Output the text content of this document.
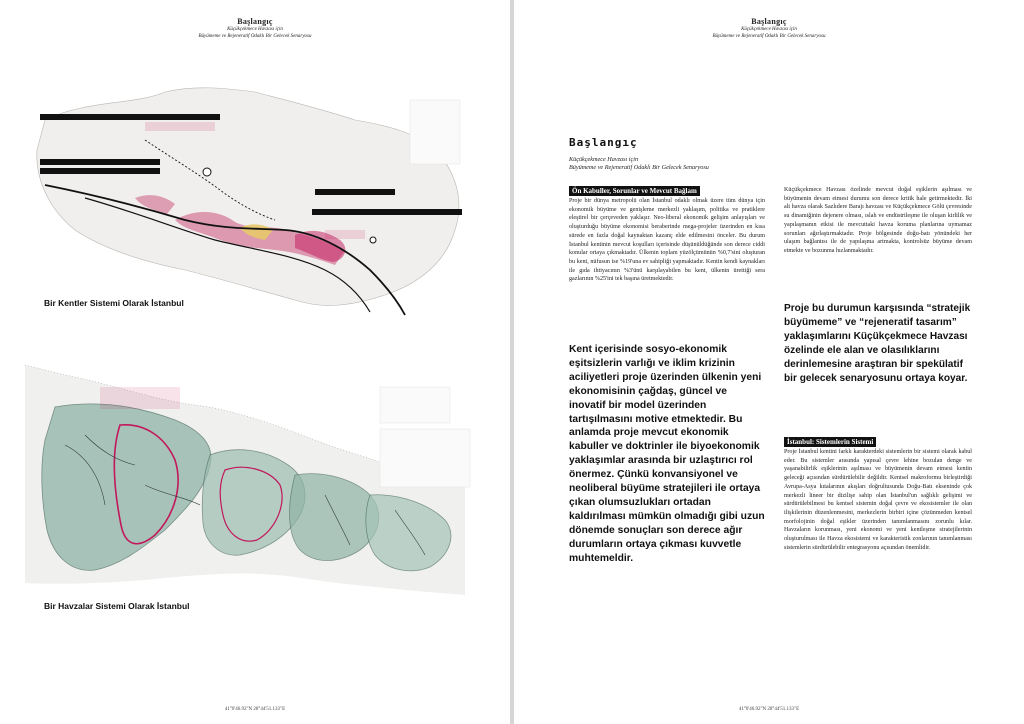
Başlangıç
Küçükçekmece Havzası için
Büyümeme ve Rejeneratif Odaklı Bir Gelecek Senaryosu
Bir Kentler Sistemi Olarak İstanbul
Bir Havzalar Sistemi Olarak İstanbul
41°0'46.92"N 28°44'51.133"E
Başlangıç
Küçükçekmece Havzası için
Büyümeme ve Rejeneratif Odaklı Bir Gelecek Senaryosu
Başlangıç
Küçükçekmece Havzası için
Büyümeme ve Rejeneratif Odaklı Bir Gelecek Senaryosu
Ön Kabuller, Sorunlar ve Mevcut Bağlam
Proje bir dünya metropolü olan İstanbul odaklı olmak üzere tüm dünya için ekonomik büyüme ve genişleme merkezli yaklaşım, politika ve pratiklere eleştirel bir çerçeveden yaklaşır. Neo-liberal ekonomik gelişim anlayışları ve oluşturduğu büyüme ekonomisi beraberinde mega-projeler üzerinden en kısa sürede en fazla doğal kaynaktan kazanç elde edilmesini önceler. Bu durum İstanbul kentinin mevcut koşulları içerisinde düşünüldüğünde son derece ciddi konular ortaya çıkmaktadır. Ülkenin toplam yüzölçümünün %0,7'sini oluşturan bu kent, nüfusun ise %19'una ev sahipliği yapmaktadır. Kentin kendi kaynakları ile gıda ihtiyacının %3'ünü karşılayabilen bu kent, ülkenin ürettiği sera gazlarının %25'ini tek başına üretmektedir.
Kent içerisinde sosyo-ekonomik eşitsizlerin varlığı ve iklim krizinin aciliyetleri proje üzerinden ülkenin yeni ekonomisinin çağdaş, güncel ve inovatif bir model üzerinden tartışılmasını motive etmektedir. Bu anlamda proje mevcut ekonomik kabuller ve doktrinler ile biyoekonomik yaklaşımlar arasında bir uzlaştırıcı rol önermez. Çünkü konvansiyonel ve neoliberal büyüme stratejileri ile ortaya çıkan olumsuzlukları ortadan kaldırılması mümkün olmadığı gibi uzun dönemde sonuçları son derece ağır durumların ortaya çıkması kuvvetle muhtemeldir.
Küçükçekmece Havzası özelinde mevcut doğal eşiklerin aşılması ve büyümenin devam etmesi durumu son derece kritik hale getirmektedir. İki alt havza olarak Sazlıdere Barajı havzası ve Küçükçekmece Gölü çevresinde su dinamiğinin dejenere olması, ıslah ve endüstrileşme ile oluşan kirlilik ve yapılaşmanın etkisi ile mevcuttaki havza koruma planlarına uymamaz sorunları ağırlaştırmaktadır. Proje bölgesinde doğu-batı yönündeki her ulaşım bağlantısı ile de yapılaşma artmakta, kontrolsüz büyüme devam etmekte ve bozunma hızlanmaktadır.
Proje bu durumun karşısında “stratejik büyümeme” ve “rejeneratif tasarım” yaklaşımlarını Küçükçekmece Havzası özelinde ele alan ve olasılıklarını derinlemesine araştıran bir spekülatif bir gelecek senaryosunu ortaya koyar.
İstanbul: Sistemlerin Sistemi
Proje İstanbul kentini farklı karakterdeki sistemlerin bir sistemi olarak kabul eder. Bu sistemler arasında yapısal çevre lehine bozulan denge ve yaşanabilirlik eşiklerinin aşılması ve büyümenin devam etmesi kentin geleceği açısından sürdürülebilir değildir. Kentsel makroformu birleştirdiği Avrupa-Asya kıtalarının akışları doğrultusunda Doğu-Batı ekseninde çok merkezli lineer bir dizilişe sahip olan İstanbul'un sağlıklı gelişimi ve sürdürülebilmesi bu kentsel sistemin doğal çevre ve ekosistemler ile olan ilişkilerinin düzenlenmesini, merkezlerin birbiri içine çözünmeden kentsel morfolojinin doğal eşikler üzerinden tanımlanmasını zorunlu kılar. Havzaların korunması, yeni ekonomi ve yeni kentleşme stratejilerinin oluşturulması ile Havza ekosistemi ve karakteristik zonlarının tanımlanması sistemlerin sürdürülebilir entegrasyonu açısından önemlidir.
41°0'46.92"N 28°44'51.133"E
